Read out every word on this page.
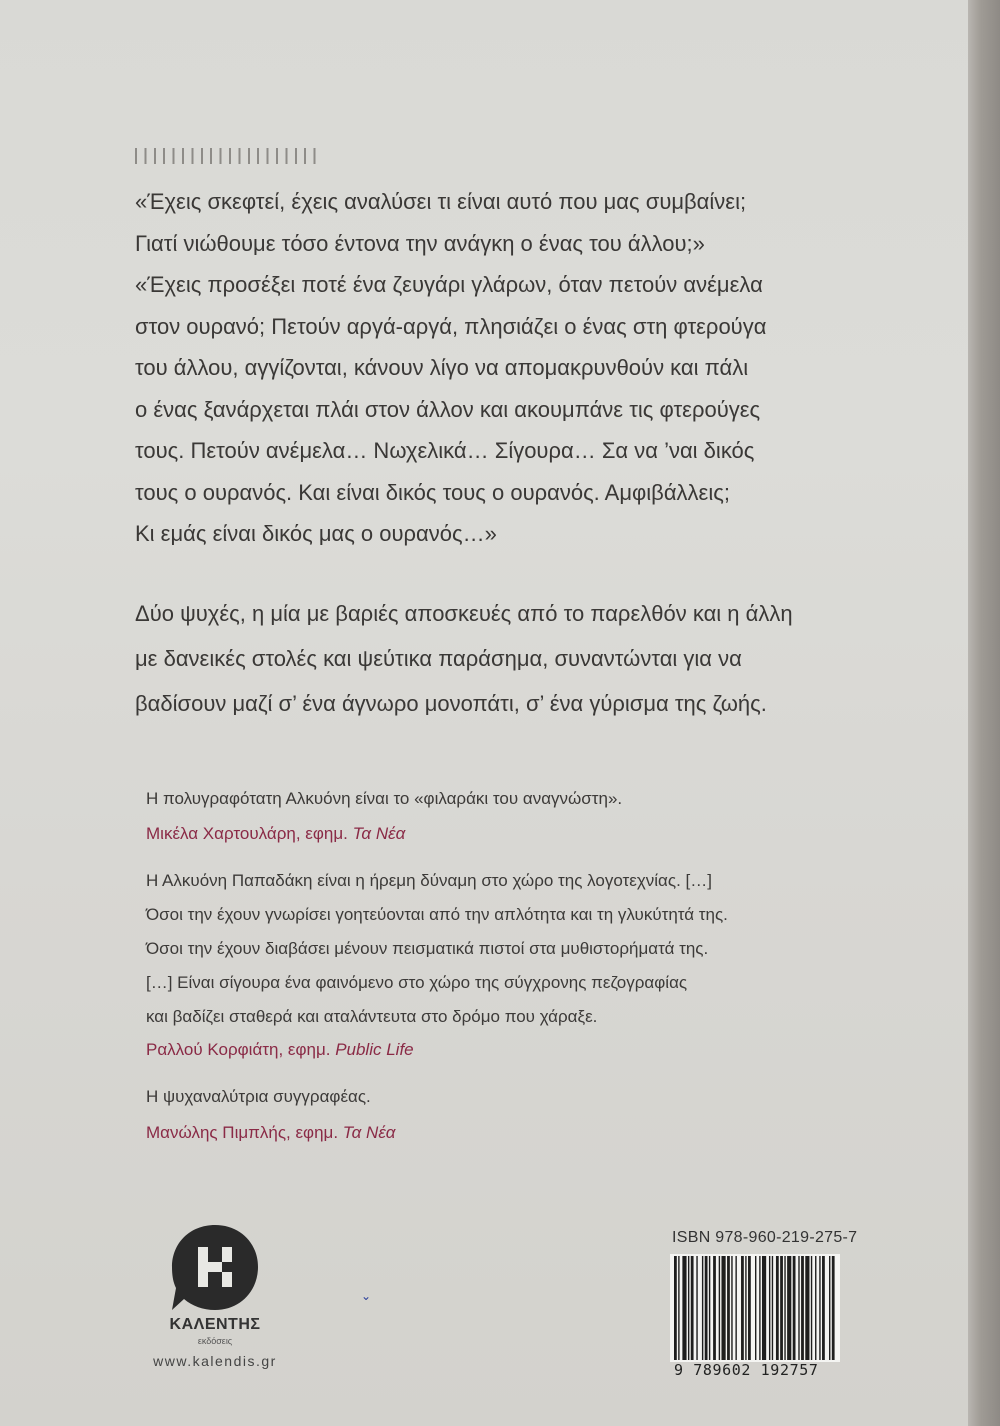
«Έχεις σκεφτεί, έχεις αναλύσει τι είναι αυτό που μας συμβαίνει;
Γιατί νιώθουμε τόσο έντονα την ανάγκη ο ένας του άλλου;»
«Έχεις προσέξει ποτέ ένα ζευγάρι γλάρων, όταν πετούν ανέμελα
στον ουρανό; Πετούν αργά-αργά, πλησιάζει ο ένας στη φτερούγα
του άλλου, αγγίζονται, κάνουν λίγο να απομακρυνθούν και πάλι
ο ένας ξανάρχεται πλάι στον άλλον και ακουμπάνε τις φτερούγες
τους. Πετούν ανέμελα… Νωχελικά… Σίγουρα… Σα να ’ναι δικός
τους ο ουρανός. Και είναι δικός τους ο ουρανός. Αμφιβάλλεις;
Κι εμάς είναι δικός μας ο ουρανός…»

Δύο ψυχές, η μία με βαριές αποσκευές από το παρελθόν και η άλλη
με δανεικές στολές και ψεύτικα παράσημα, συναντώνται για να
βαδίσουν μαζί σ’ ένα άγνωρο μονοπάτι, σ’ ένα γύρισμα της ζωής.

Η πολυγραφότατη Αλκυόνη είναι το «φιλαράκι του αναγνώστη».

Μικέλα Χαρτουλάρη, εφημ. Τα Νέα

Η Αλκυόνη Παπαδάκη είναι η ήρεμη δύναμη στο χώρο της λογοτεχνίας. […]
Όσοι την έχουν γνωρίσει γοητεύονται από την απλότητα και τη γλυκύτητά της.
Όσοι την έχουν διαβάσει μένουν πεισματικά πιστοί στα μυθιστορήματά της.
[…] Είναι σίγουρα ένα φαινόμενο στο χώρο της σύγχρονης πεζογραφίας
και βαδίζει σταθερά και αταλάντευτα στο δρόμο που χάραξε.

Ραλλού Κορφιάτη, εφημ. Public Life

Η ψυχαναλύτρια συγγραφέας.

Μανώλης Πιμπλής, εφημ. Τα Νέα
ΚΑΛΕΝΤΗΣ
εκδόσεις
www.kalendis.gr
⌄
ISBN 978-960-219-275-7
9 789602 192757
